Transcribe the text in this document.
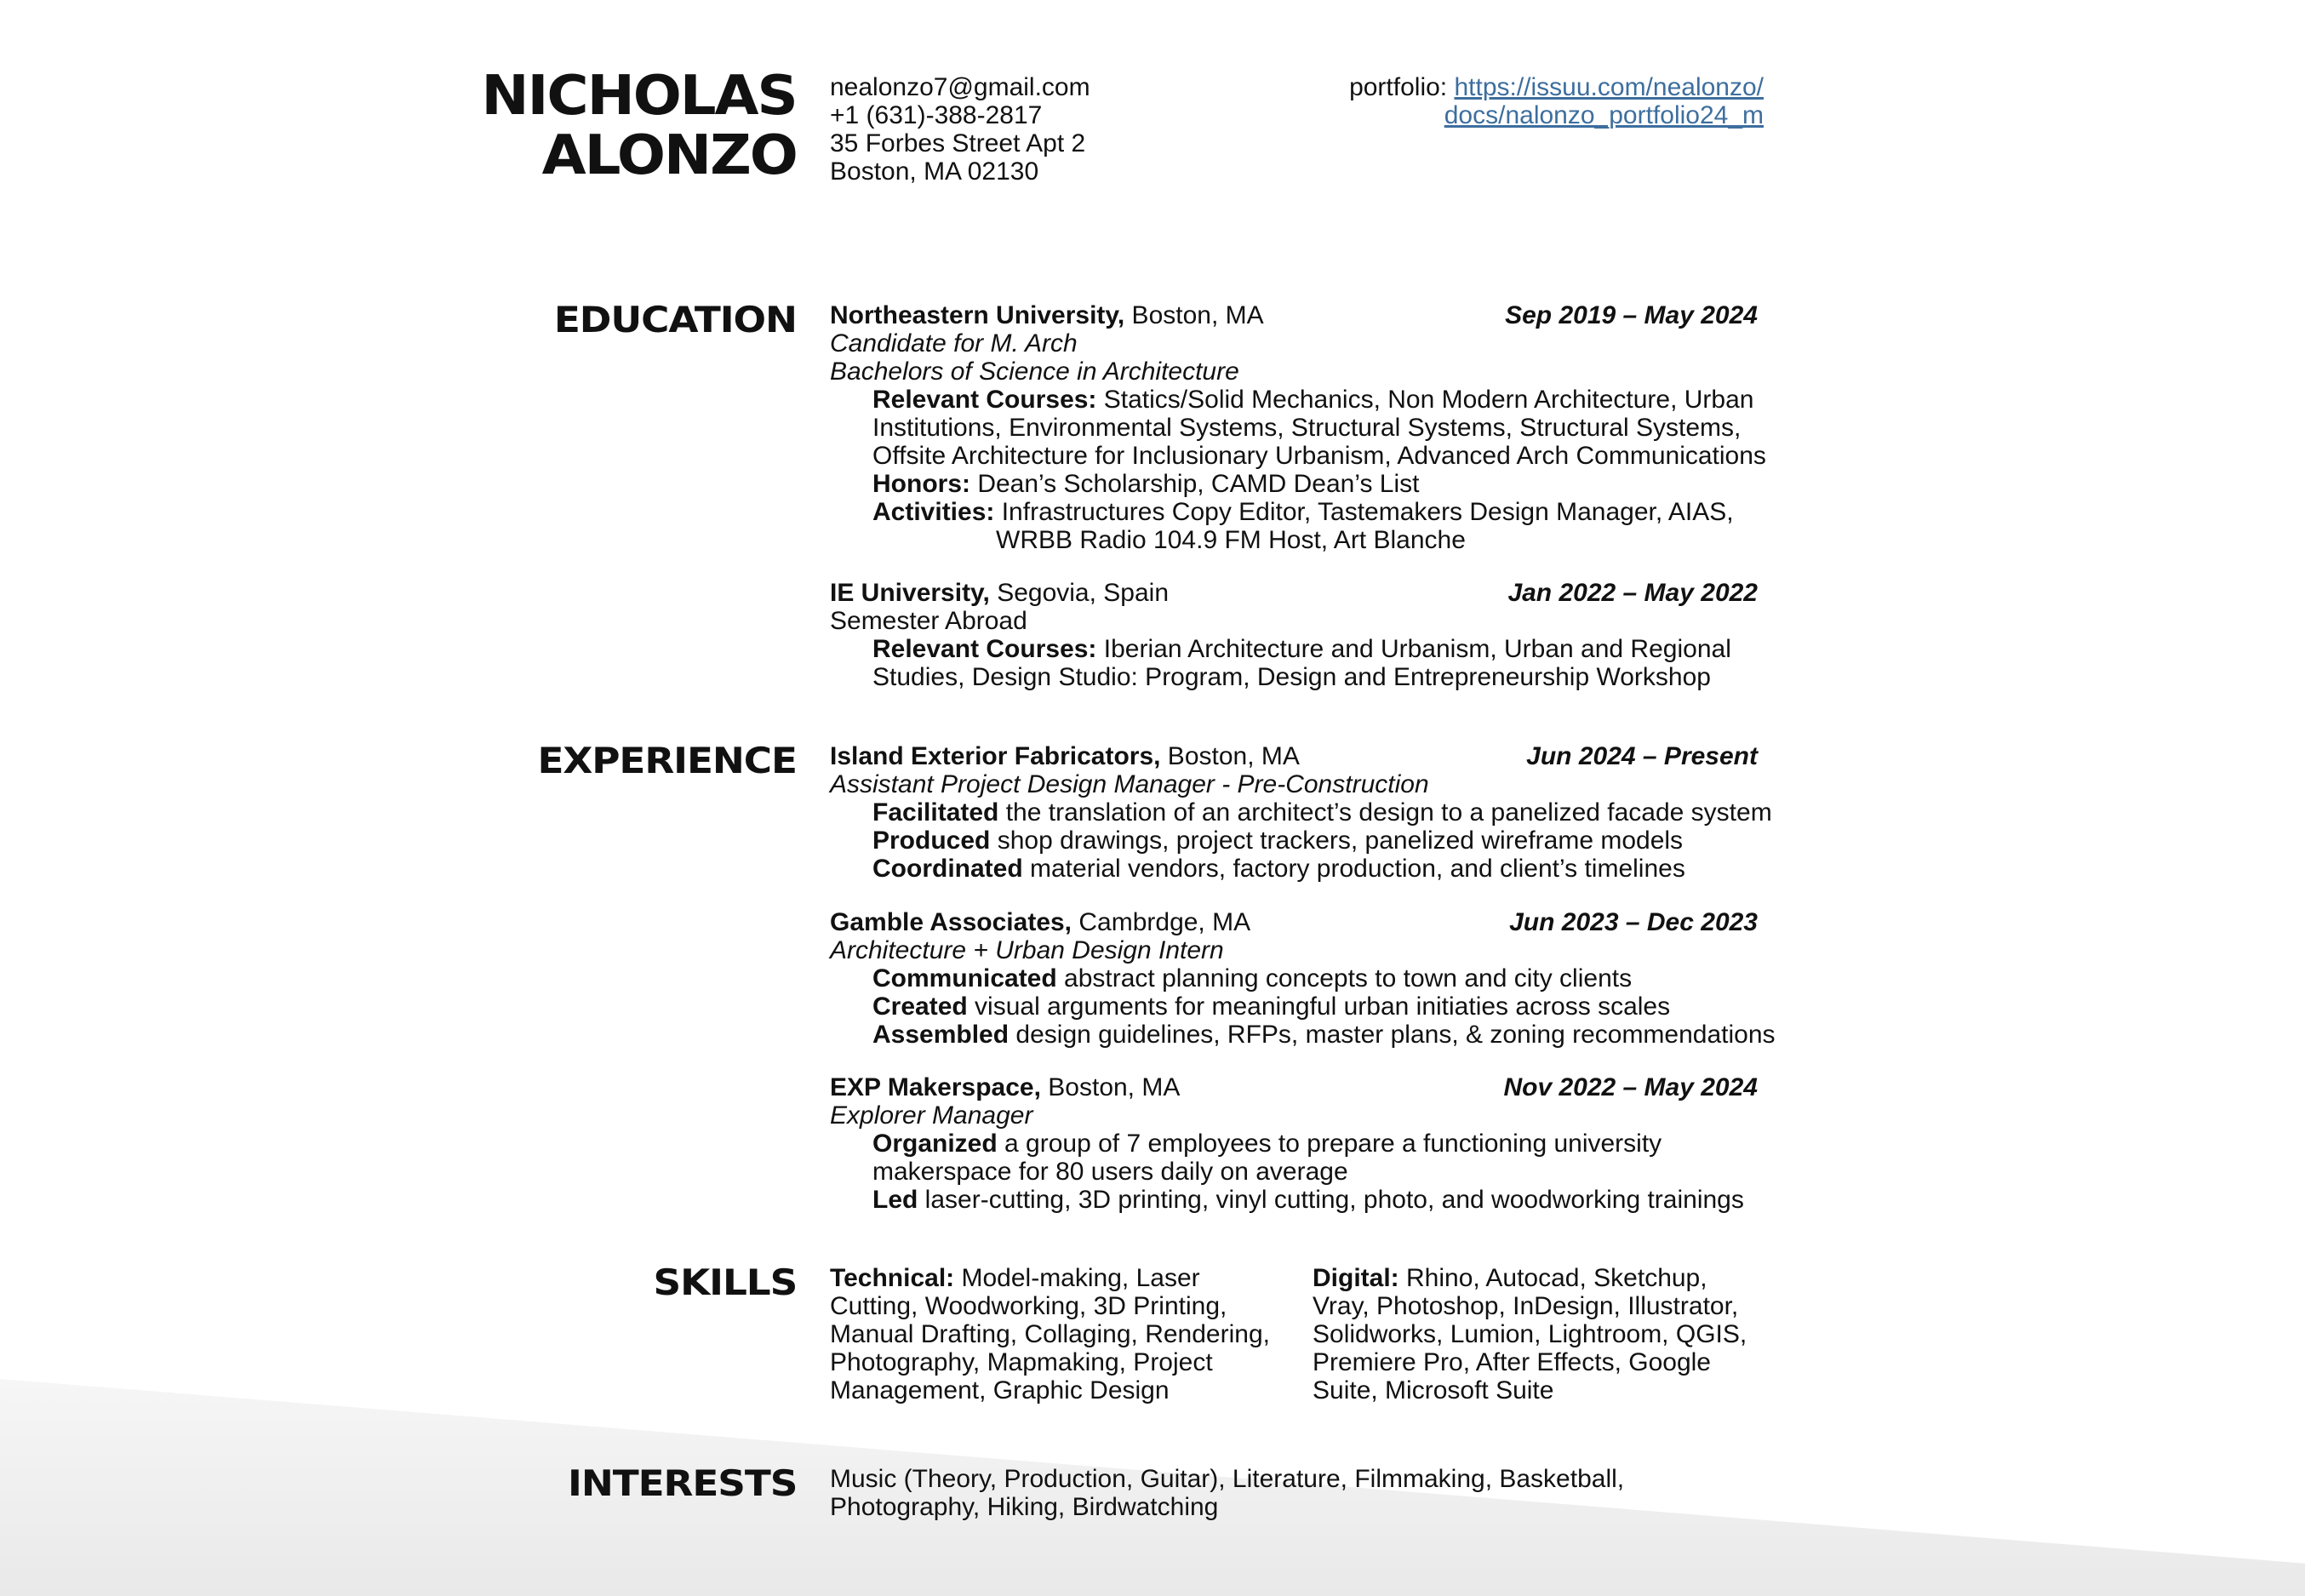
NICHOLAS
ALONZO
nealonzo7@gmail.com
+1 (631)-388-2817
35 Forbes Street Apt 2
Boston, MA 02130
portfolio: https://issuu.com/nealonzo/
docs/nalonzo_portfolio24_m
EDUCATION Northeastern University, Boston, MA	Sep 2019 – May 2024
Candidate for M. Arch
Bachelors of Science in Architecture
Relevant Courses: Statics/Solid Mechanics, Non Modern Architecture, Urban
Institutions, Environmental Systems, Structural Systems, Structural Systems,
Offsite Architecture for Inclusionary Urbanism, Advanced Arch Communications
Honors: Dean’s Scholarship, CAMD Dean’s List
Activities: Infrastructures Copy Editor, Tastemakers Design Manager, AIAS,
WRBB Radio 104.9 FM Host, Art Blanche
IE University, Segovia, Spain	Jan 2022 – May 2022
Semester Abroad
Relevant Courses: Iberian Architecture and Urbanism, Urban and Regional
Studies, Design Studio: Program, Design and Entrepreneurship Workshop
EXPERIENCE Island Exterior Fabricators, Boston, MA	Jun 2024 – Present
Assistant Project Design Manager - Pre-Construction
Facilitated the translation of an architect’s design to a panelized facade system
Produced shop drawings, project trackers, panelized wireframe models
Coordinated material vendors, factory production, and client’s timelines
Gamble Associates, Cambrdge, MA	Jun 2023 – Dec 2023
Architecture + Urban Design Intern
Communicated abstract planning concepts to town and city clients
Created visual arguments for meaningful urban initiaties across scales
Assembled design guidelines, RFPs, master plans, & zoning recommendations
EXP Makerspace, Boston, MA	Nov 2022 – May 2024
Explorer Manager
Organized a group of 7 employees to prepare a functioning university
makerspace for 80 users daily on average
Led laser-cutting, 3D printing, vinyl cutting, photo, and woodworking trainings
SKILLS Technical: Model-making, Laser
Cutting, Woodworking, 3D Printing,
Manual Drafting, Collaging, Rendering,
Photography, Mapmaking, Project
Management, Graphic Design
Digital: Rhino, Autocad, Sketchup,
Vray, Photoshop, InDesign, Illustrator,
Solidworks, Lumion, Lightroom, QGIS,
Premiere Pro, After Effects, Google
Suite, Microsoft Suite
INTERESTS Music (Theory, Production, Guitar), Literature, Filmmaking, Basketball,
Photography, Hiking, Birdwatching
